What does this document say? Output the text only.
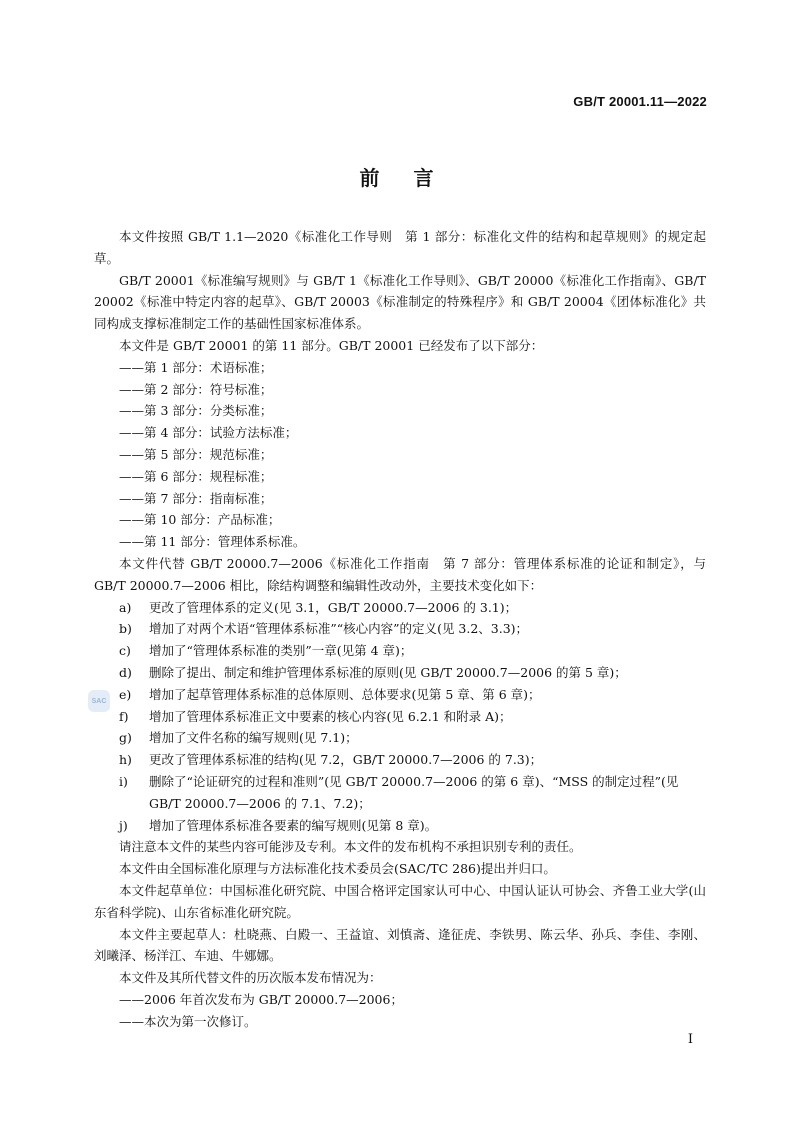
GB/T 20001.11—2022
前言
SAC

本文件按照 GB/T 1.1—2020《标准化工作导则　第 1 部分：标准化文件的结构和起草规则》的规定起草。

GB/T 20001《标准编写规则》与 GB/T 1《标准化工作导则》、GB/T 20000《标准化工作指南》、GB/T 20002《标准中特定内容的起草》、GB/T 20003《标准制定的特殊程序》和 GB/T 20004《团体标准化》共同构成支撑标准制定工作的基础性国家标准体系。

本文件是 GB/T 20001 的第 11 部分。GB/T 20001 已经发布了以下部分：

——第 1 部分：术语标准；

——第 2 部分：符号标准；

——第 3 部分：分类标准；

——第 4 部分：试验方法标准；

——第 5 部分：规范标准；

——第 6 部分：规程标准；

——第 7 部分：指南标准；

——第 10 部分：产品标准；

——第 11 部分：管理体系标准。

本文件代替 GB/T 20000.7—2006《标准化工作指南　第 7 部分：管理体系标准的论证和制定》，与 GB/T 20000.7—2006 相比，除结构调整和编辑性改动外，主要技术变化如下：

a)	更改了管理体系的定义(见 3.1，GB/T 20000.7—2006 的 3.1)；
b)	增加了对两个术语“管理体系标准”“核心内容”的定义(见 3.2、3.3)；
c)	增加了“管理体系标准的类别”一章(见第 4 章)；
d)	删除了提出、制定和维护管理体系标准的原则(见 GB/T 20000.7—2006 的第 5 章)；
e)	增加了起草管理体系标准的总体原则、总体要求(见第 5 章、第 6 章)；
f)	增加了管理体系标准正文中要素的核心内容(见 6.2.1 和附录 A)；
g)	增加了文件名称的编写规则(见 7.1)；
h)	更改了管理体系标准的结构(见 7.2，GB/T 20000.7—2006 的 7.3)；
i)	删除了“论证研究的过程和准则”(见 GB/T 20000.7—2006 的第 6 章)、“MSS 的制定过程”(见 GB/T 20000.7—2006 的 7.1、7.2)；
j)	增加了管理体系标准各要素的编写规则(见第 8 章)。

请注意本文件的某些内容可能涉及专利。本文件的发布机构不承担识别专利的责任。

本文件由全国标准化原理与方法标准化技术委员会(SAC/TC 286)提出并归口。

本文件起草单位：中国标准化研究院、中国合格评定国家认可中心、中国认证认可协会、齐鲁工业大学(山东省科学院)、山东省标准化研究院。

本文件主要起草人：杜晓燕、白殿一、王益谊、刘慎斋、逄征虎、李铁男、陈云华、孙兵、李佳、李刚、刘曦泽、杨洋江、车迪、牛娜娜。

本文件及其所代替文件的历次版本发布情况为：

——2006 年首次发布为 GB/T 20000.7—2006；

——本次为第一次修订。

I
